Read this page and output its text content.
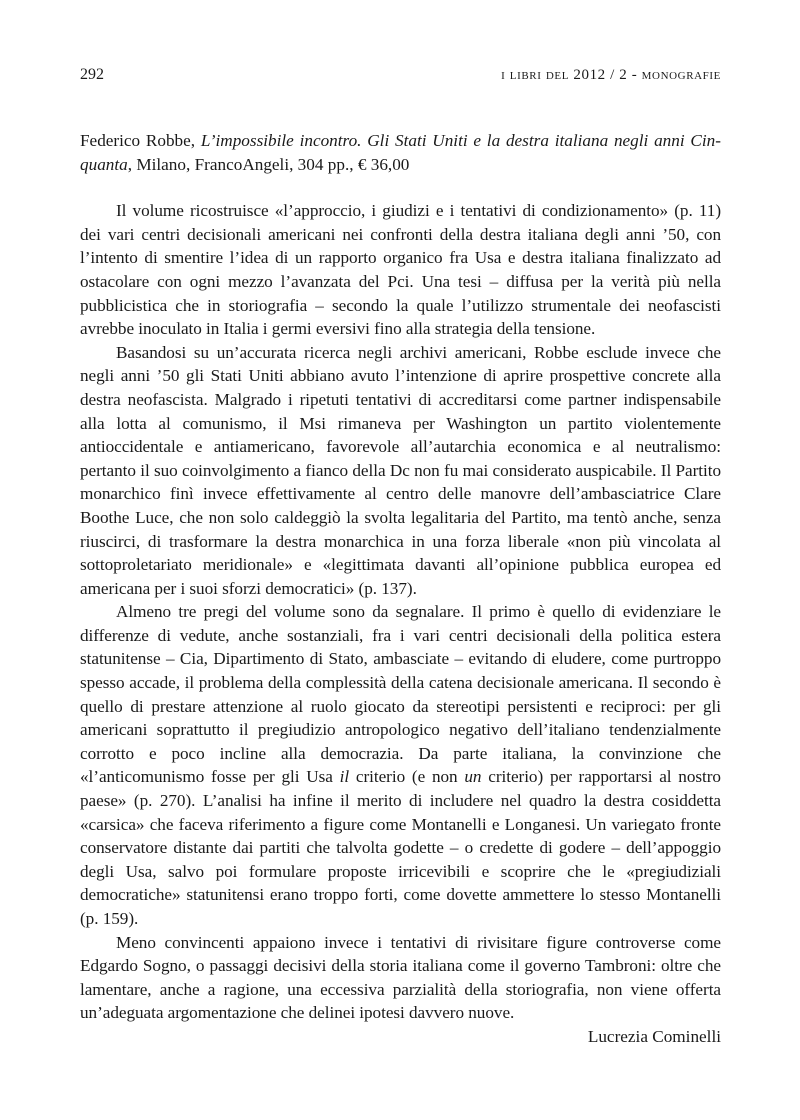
292	i libri del 2012 / 2 - monografie

Federico Robbe, L’impossibile incontro. Gli Stati Uniti e la destra italiana negli anni Cinquanta, Milano, FrancoAngeli, 304 pp., € 36,00

Il volume ricostruisce «l’approccio, i giudizi e i tentativi di condizionamento» (p. 11) dei vari centri decisionali americani nei confronti della destra italiana degli anni ’50, con l’intento di smentire l’idea di un rapporto organico fra Usa e destra italiana finalizzato ad ostacolare con ogni mezzo l’avanzata del Pci. Una tesi – diffusa per la verità più nella pubblicistica che in storiografia – secondo la quale l’utilizzo strumentale dei neofascisti avrebbe inoculato in Italia i germi eversivi fino alla strategia della tensione.

Basandosi su un’accurata ricerca negli archivi americani, Robbe esclude invece che negli anni ’50 gli Stati Uniti abbiano avuto l’intenzione di aprire prospettive concrete alla destra neofascista. Malgrado i ripetuti tentativi di accreditarsi come partner indispensabile alla lotta al comunismo, il Msi rimaneva per Washington un partito violentemente antioccidentale e antiamericano, favorevole all’autarchia economica e al neutralismo: pertanto il suo coinvolgimento a fianco della Dc non fu mai considerato auspicabile. Il Partito monarchico finì invece effettivamente al centro delle manovre dell’ambasciatrice Clare Boothe Luce, che non solo caldeggiò la svolta legalitaria del Partito, ma tentò anche, senza riuscirci, di trasformare la destra monarchica in una forza liberale «non più vincolata al sottoproletariato meridionale» e «legittimata davanti all’opinione pubblica europea ed americana per i suoi sforzi democratici» (p. 137).

Almeno tre pregi del volume sono da segnalare. Il primo è quello di evidenziare le differenze di vedute, anche sostanziali, fra i vari centri decisionali della politica estera statunitense – Cia, Dipartimento di Stato, ambasciate – evitando di eludere, come purtroppo spesso accade, il problema della complessità della catena decisionale americana. Il secondo è quello di prestare attenzione al ruolo giocato da stereotipi persistenti e reciproci: per gli americani soprattutto il pregiudizio antropologico negativo dell’italiano tendenzialmente corrotto e poco incline alla democrazia. Da parte italiana, la convinzione che «l’anticomunismo fosse per gli Usa il criterio (e non un criterio) per rapportarsi al nostro paese» (p. 270). L’analisi ha infine il merito di includere nel quadro la destra cosiddetta «carsica» che faceva riferimento a figure come Montanelli e Longanesi. Un variegato fronte conservatore distante dai partiti che talvolta godette – o credette di godere – dell’appoggio degli Usa, salvo poi formulare proposte irricevibili e scoprire che le «pregiudiziali democratiche» statunitensi erano troppo forti, come dovette ammettere lo stesso Montanelli (p. 159).

Meno convincenti appaiono invece i tentativi di rivisitare figure controverse come Edgardo Sogno, o passaggi decisivi della storia italiana come il governo Tambroni: oltre che lamentare, anche a ragione, una eccessiva parzialità della storiografia, non viene offerta un’adeguata argomentazione che delinei ipotesi davvero nuove.

Lucrezia Cominelli
